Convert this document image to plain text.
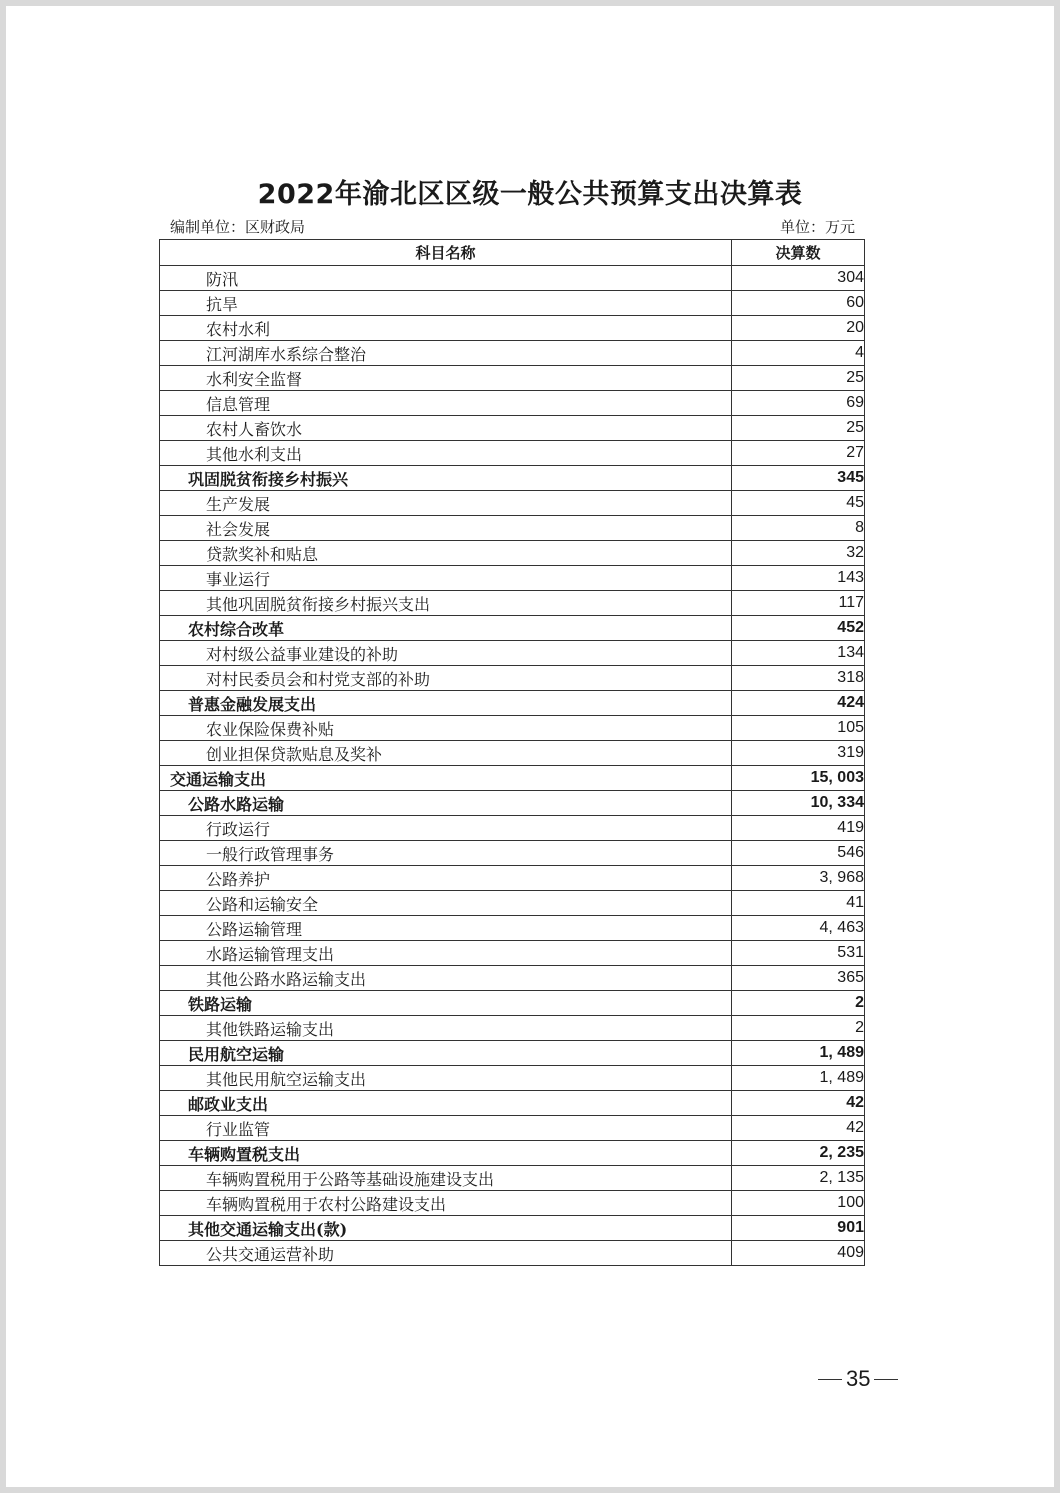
2022年渝北区区级一般公共预算支出决算表
编制单位：区财政局	单位：万元
科目名称	决算数
防汛	304
抗旱	60
农村水利	20
江河湖库水系综合整治	4
水利安全监督	25
信息管理	69
农村人畜饮水	25
其他水利支出	27
巩固脱贫衔接乡村振兴	345
生产发展	45
社会发展	8
贷款奖补和贴息	32
事业运行	143
其他巩固脱贫衔接乡村振兴支出	117
农村综合改革	452
对村级公益事业建设的补助	134
对村民委员会和村党支部的补助	318
普惠金融发展支出	424
农业保险保费补贴	105
创业担保贷款贴息及奖补	319
交通运输支出	15, 003
公路水路运输	10, 334
行政运行	419
一般行政管理事务	546
公路养护	3, 968
公路和运输安全	41
公路运输管理	4, 463
水路运输管理支出	531
其他公路水路运输支出	365
铁路运输	2
其他铁路运输支出	2
民用航空运输	1, 489
其他民用航空运输支出	1, 489
邮政业支出	42
行业监管	42
车辆购置税支出	2, 235
车辆购置税用于公路等基础设施建设支出	2, 135
车辆购置税用于农村公路建设支出	100
其他交通运输支出(款)	901
公共交通运营补助	409
35
